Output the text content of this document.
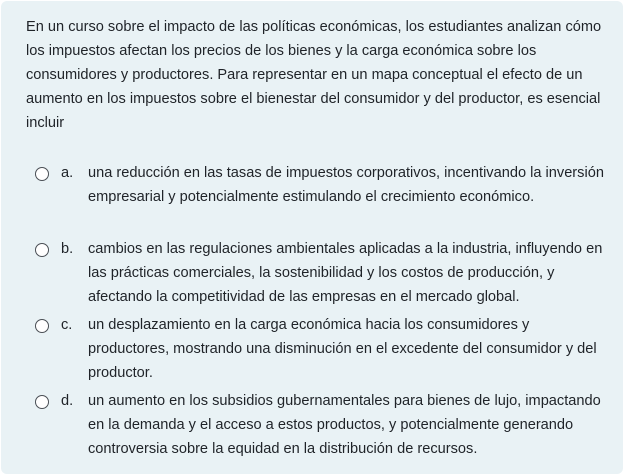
En un curso sobre el impacto de las políticas económicas, los estudiantes analizan cómo los impuestos afectan los precios de los bienes y la carga económica sobre los consumidores y productores. Para representar en un mapa conceptual el efecto de un aumento en los impuestos sobre el bienestar del consumidor y del productor, es esencial incluir

a. una reducción en las tasas de impuestos corporativos, incentivando la inversión empresarial y potencialmente estimulando el crecimiento económico.

b. cambios en las regulaciones ambientales aplicadas a la industria, influyendo en las prácticas comerciales, la sostenibilidad y los costos de producción, y afectando la competitividad de las empresas en el mercado global.

c. un desplazamiento en la carga económica hacia los consumidores y productores, mostrando una disminución en el excedente del consumidor y del productor.

d. un aumento en los subsidios gubernamentales para bienes de lujo, impactando en la demanda y el acceso a estos productos, y potencialmente generando controversia sobre la equidad en la distribución de recursos.
